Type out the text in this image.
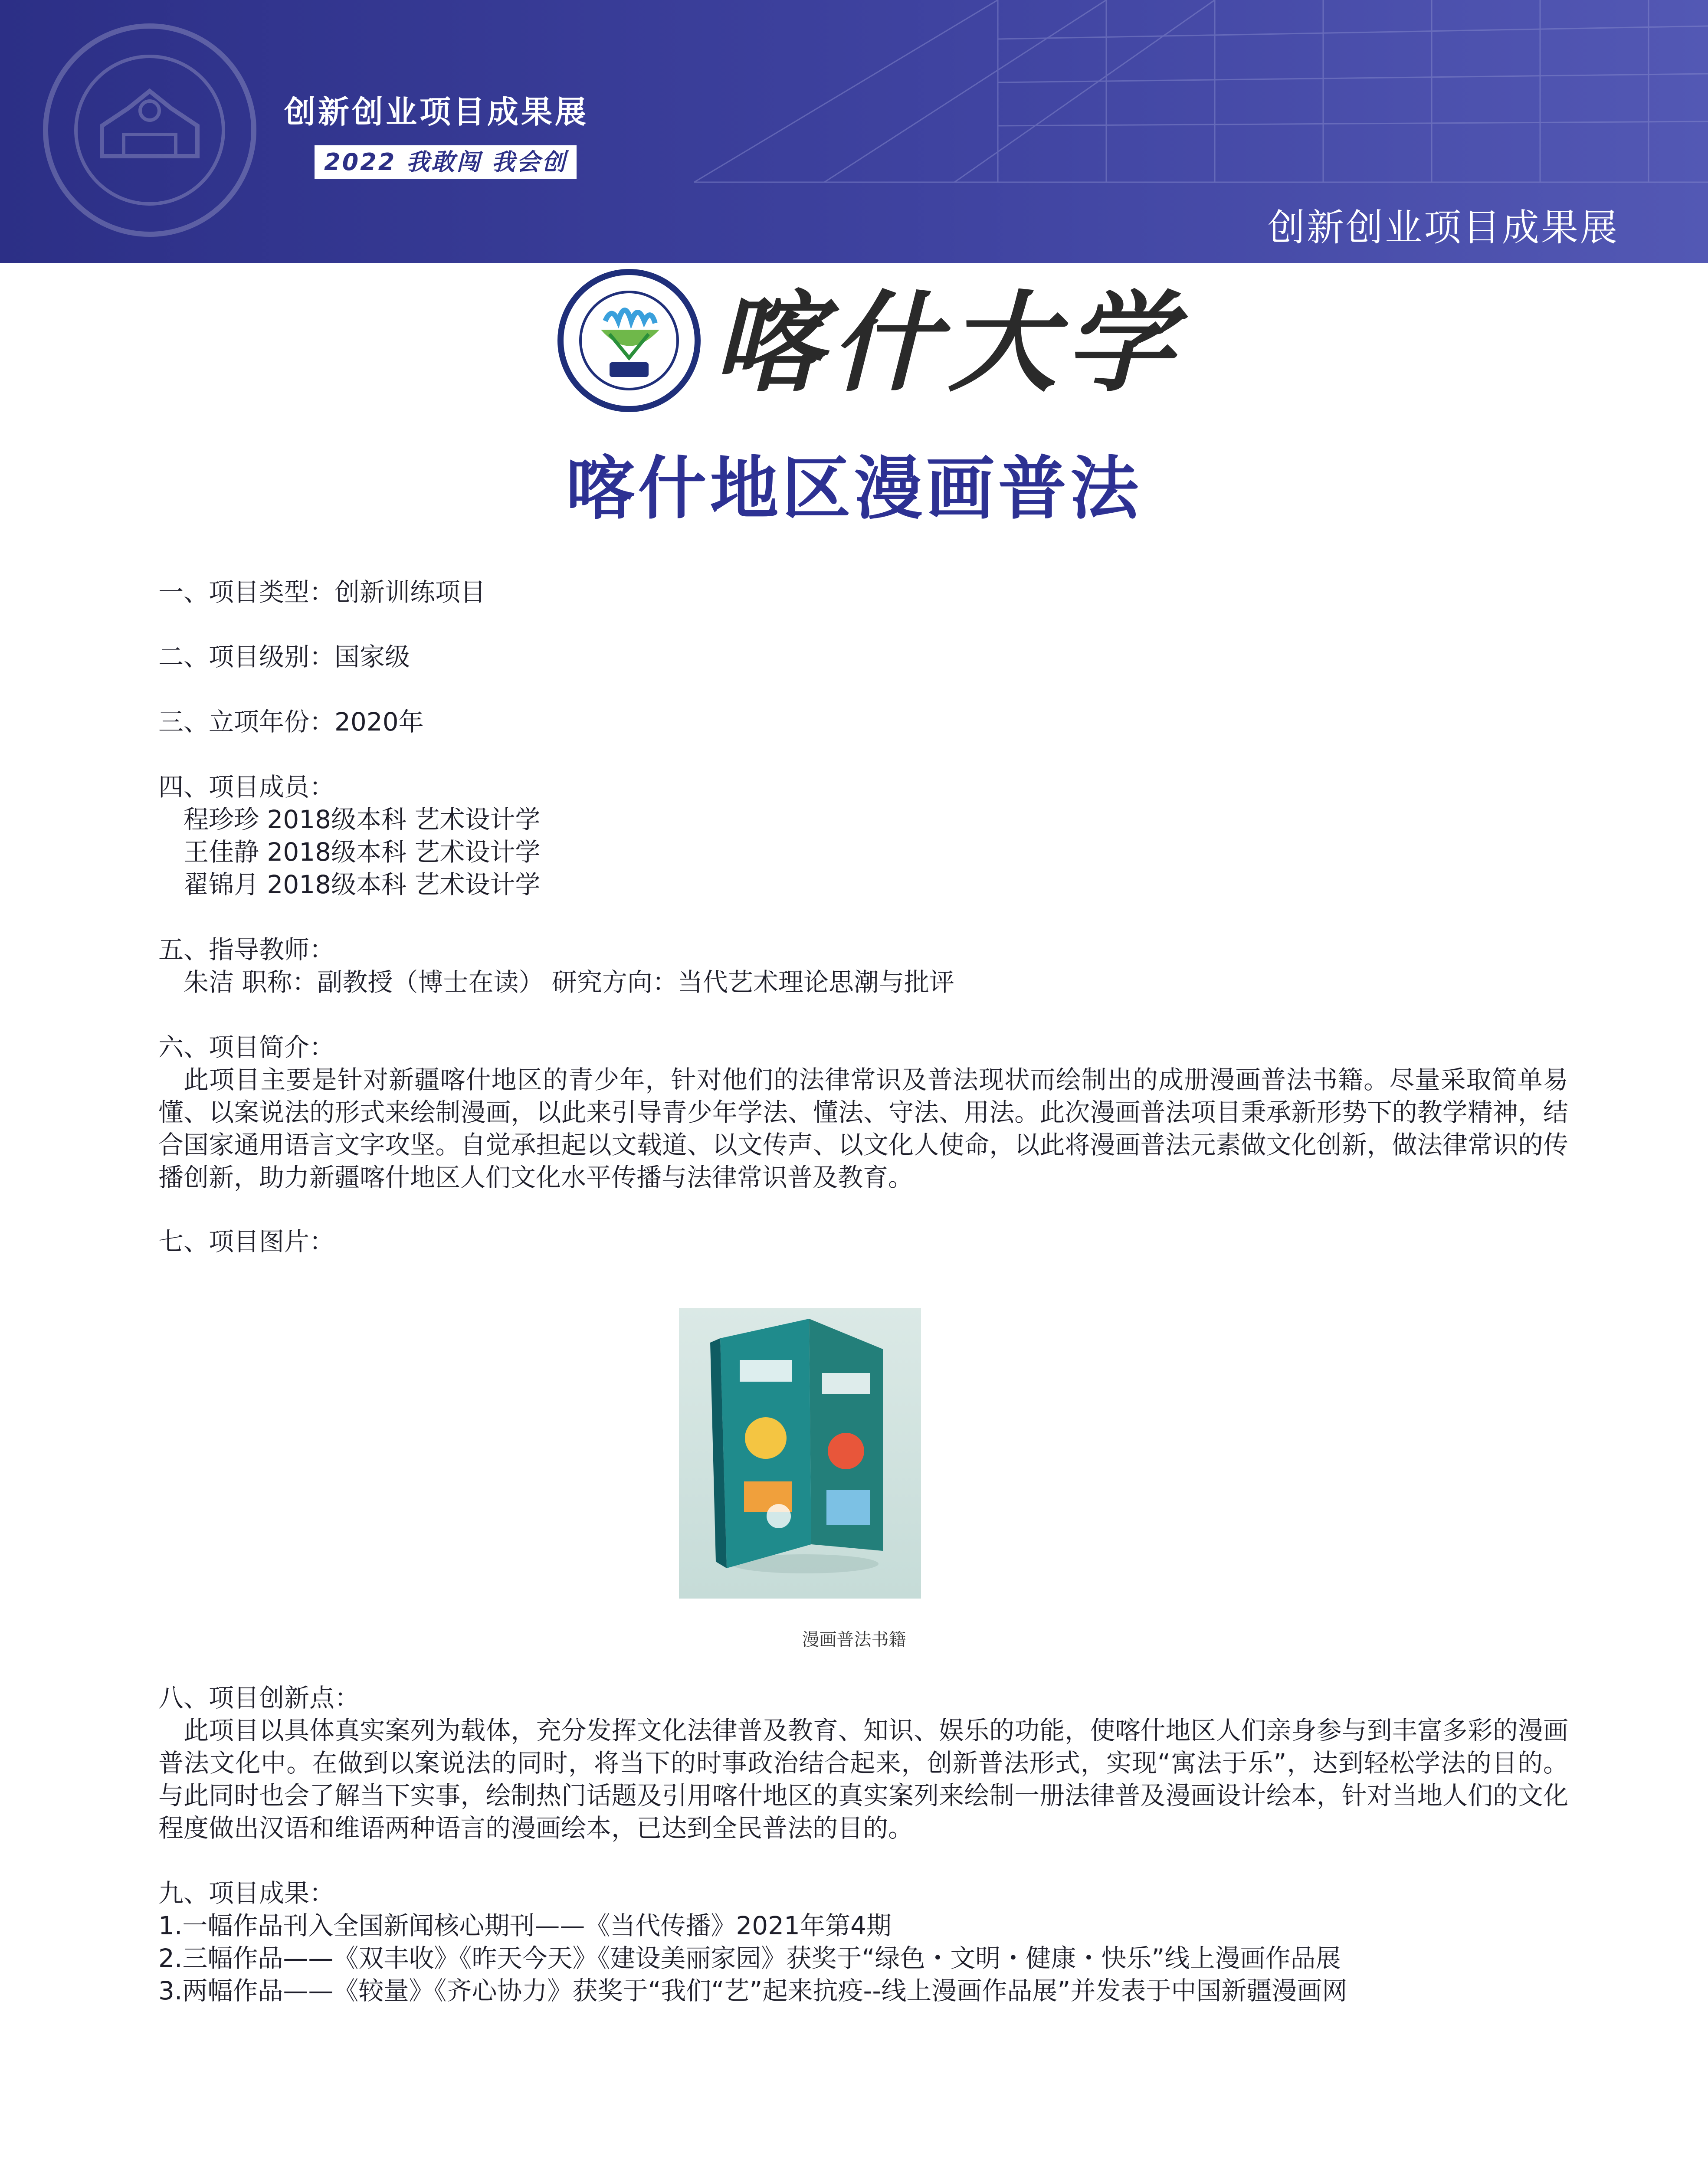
创新创业项目成果展
2022 我敢闯 我会创
创新创业项目成果展
喀什大学
喀什地区漫画普法
一、项目类型：创新训练项目
二、项目级别：国家级
三、立项年份：2020年
四、项目成员：
程珍珍 2018级本科 艺术设计学
王佳静 2018级本科 艺术设计学
翟锦月 2018级本科 艺术设计学
五、指导教师：
朱洁 职称：副教授（博士在读） 研究方向：当代艺术理论思潮与批评
六、项目简介：
此项目主要是针对新疆喀什地区的青少年，针对他们的法律常识及普法现状而绘制出的成册漫画普法书籍。尽量采取简单易懂、以案说法的形式来绘制漫画，以此来引导青少年学法、懂法、守法、用法。此次漫画普法项目秉承新形势下的教学精神，结合国家通用语言文字攻坚。自觉承担起以文载道、以文传声、以文化人使命，以此将漫画普法元素做文化创新，做法律常识的传播创新，助力新疆喀什地区人们文化水平传播与法律常识普及教育。
七、项目图片：
漫画普法书籍
八、项目创新点：
此项目以具体真实案列为载体，充分发挥文化法律普及教育、知识、娱乐的功能，使喀什地区人们亲身参与到丰富多彩的漫画普法文化中。在做到以案说法的同时，将当下的时事政治结合起来，创新普法形式，实现“寓法于乐”，达到轻松学法的目的。与此同时也会了解当下实事，绘制热门话题及引用喀什地区的真实案列来绘制一册法律普及漫画设计绘本，针对当地人们的文化程度做出汉语和维语两种语言的漫画绘本，已达到全民普法的目的。
九、项目成果：
1.一幅作品刊入全国新闻核心期刊——《当代传播》2021年第4期
2.三幅作品——《双丰收》《昨天今天》《建设美丽家园》获奖于“绿色・文明・健康・快乐”线上漫画作品展
3.两幅作品——《较量》《齐心协力》获奖于“我们“艺”起来抗疫--线上漫画作品展”并发表于中国新疆漫画网
